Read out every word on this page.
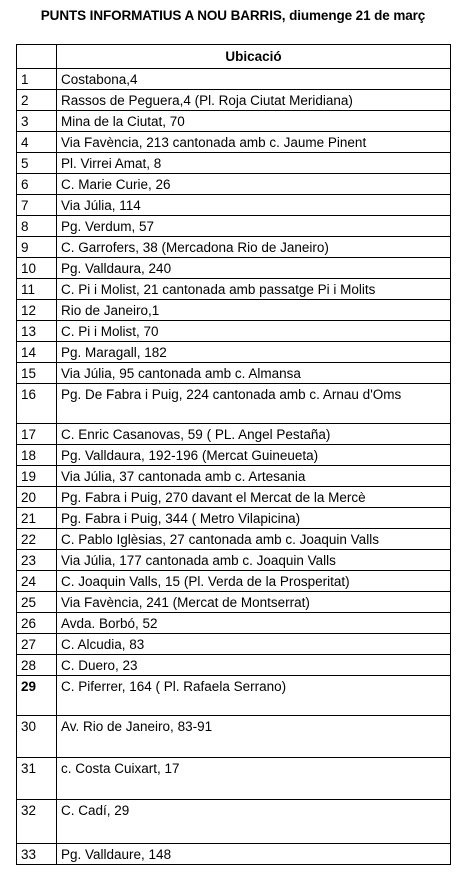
PUNTS INFORMATIUS A NOU BARRIS, diumenge 21 de març
	Ubicació
1	Costabona,4
2	Rassos de Peguera,4 (Pl. Roja Ciutat Meridiana)
3	Mina de la Ciutat, 70
4	Via Favència, 213 cantonada amb c. Jaume Pinent
5	Pl. Virrei Amat, 8
6	C. Marie Curie, 26
7	Via Júlia, 114
8	Pg. Verdum, 57
9	C. Garrofers, 38 (Mercadona Rio de Janeiro)
10	Pg. Valldaura, 240
11	C. Pi i Molist, 21 cantonada amb passatge Pi i Molits
12	Rio de Janeiro,1
13	C. Pi i Molist, 70
14	Pg. Maragall, 182
15	Via Júlia, 95 cantonada amb c. Almansa
16	Pg. De Fabra i Puig, 224 cantonada amb c. Arnau d'Oms
17	C. Enric Casanovas, 59 ( PL. Angel Pestaña)
18	Pg. Valldaura, 192-196 (Mercat Guineueta)
19	Via Júlia, 37 cantonada amb c. Artesania
20	Pg. Fabra i Puig, 270 davant el Mercat de la Mercè
21	Pg. Fabra i Puig, 344 ( Metro Vilapicina)
22	C. Pablo Iglèsias, 27 cantonada amb c. Joaquin Valls
23	Via Júlia, 177 cantonada amb c. Joaquin Valls
24	C. Joaquin Valls, 15 (Pl. Verda de la Prosperitat)
25	Via Favència, 241 (Mercat de Montserrat)
26	Avda. Borbó, 52
27	C. Alcudia, 83
28	C. Duero, 23
29	C. Piferrer, 164 ( Pl. Rafaela Serrano)
30	Av. Rio de Janeiro, 83-91
31	c. Costa Cuixart, 17
32	C. Cadí, 29
33	Pg. Valldaure, 148
